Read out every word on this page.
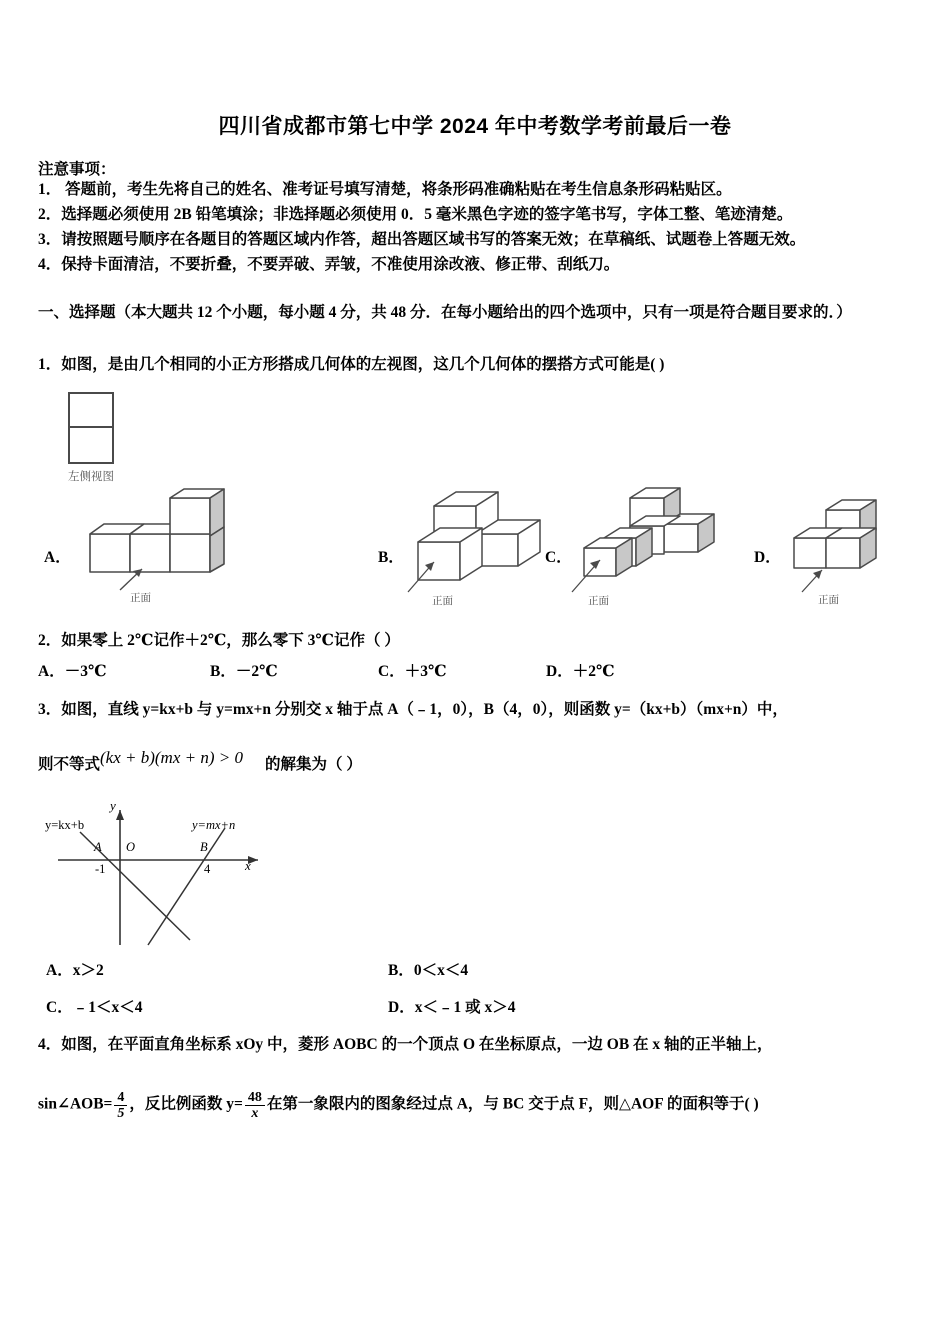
四川省成都市第七中学 2024 年中考数学考前最后一卷
注意事项：
1． 答题前，考生先将自己的姓名、准考证号填写清楚，将条形码准确粘贴在考生信息条形码粘贴区。
2．选择题必须使用 2B 铅笔填涂；非选择题必须使用 0．5 毫米黑色字迹的签字笔书写，字体工整、笔迹清楚。
3．请按照题号顺序在各题目的答题区域内作答，超出答题区域书写的答案无效；在草稿纸、试题卷上答题无效。
4．保持卡面清洁，不要折叠，不要弄破、弄皱，不准使用涂改液、修正带、刮纸刀。
一、选择题（本大题共 12 个小题，每小题 4 分，共 48 分．在每小题给出的四个选项中，只有一项是符合题目要求的．）
1．如图，是由几个相同的小正方形搭成几何体的左视图，这几个几何体的摆搭方式可能是( )
左侧视图
A．
正面
B．
正面
C．
正面
D．
正面
2．如果零上 2℃记作＋2℃，那么零下 3℃记作（ ）
A．－3℃	B．－2℃	C．＋3℃	D．＋2℃
3．如图，直线 y=kx+b 与 y=mx+n 分别交 x 轴于点 A（﹣1，0），B（4，0），则函数 y=（kx+b）（mx+n）中，
则不等式(kx + b)(mx + n) > 0 的解集为（ ）
y=kx+b	y=mx+n
y
x
A O	B
-1	4
A．x＞2	B．0＜x＜4
C．﹣1＜x＜4	D．x＜﹣1 或 x＞4
4．如图，在平面直角坐标系 xOy 中，菱形 AOBC 的一个顶点 O 在坐标原点，一边 OB 在 x 轴的正半轴上，
sin∠AOB= $\frac{4}{5}$ ，反比例函数 $y= \frac{48}{x}$ 在第一象限内的图象经过点 A，与 BC 交于点 F，则△AOF 的面积等于( )
